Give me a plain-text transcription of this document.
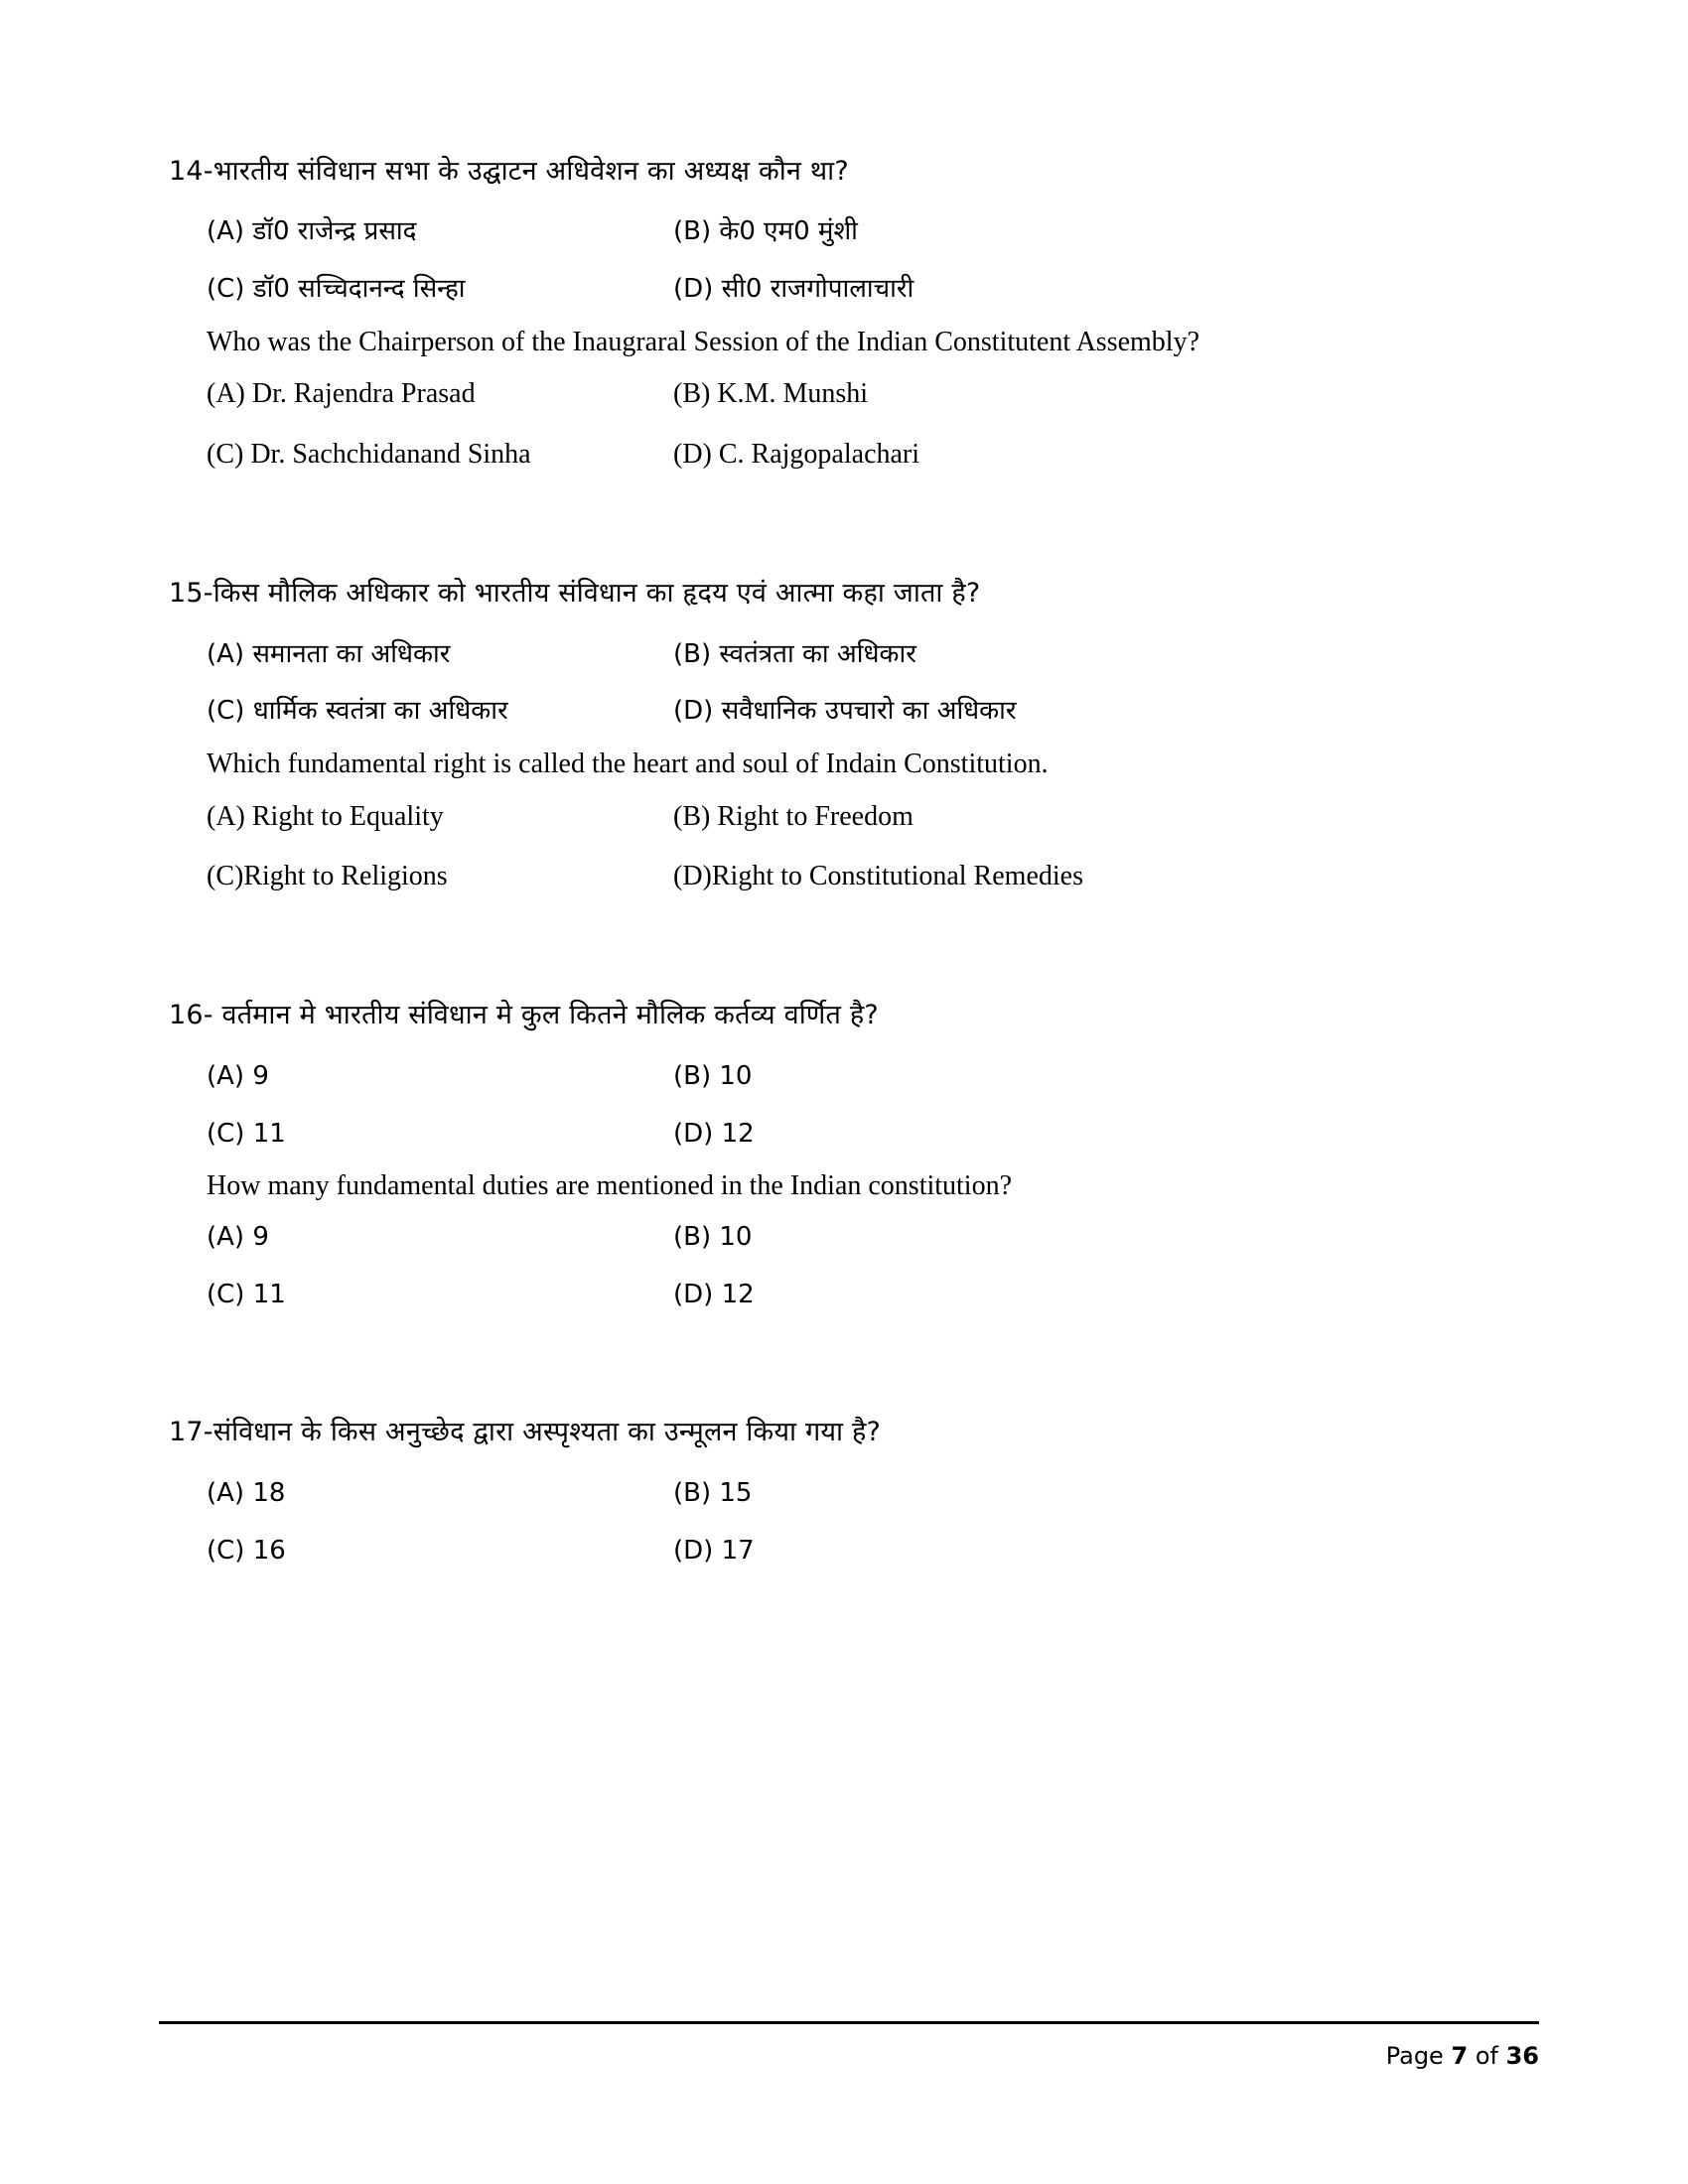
14-भारतीय संविधान सभा के उद्घाटन अधिवेशन का अध्यक्ष कौन था?
(A) डॉ0 राजेन्द्र प्रसाद	(B) के0 एम0 मुंशी
(C) डॉ0 सच्चिदानन्द सिन्हा	(D) सी0 राजगोपालाचारी
Who was the Chairperson of the Inaugraral Session of the Indian Constitutent Assembly?
(A) Dr. Rajendra Prasad	(B) K.M. Munshi
(C) Dr. Sachchidanand Sinha	(D) C. Rajgopalachari
15-किस मौलिक अधिकार को भारतीय संविधान का हृदय एवं आत्मा कहा जाता है?
(A) समानता का अधिकार	(B) स्वतंत्रता का अधिकार
(C) धार्मिक स्वतंत्रा का अधिकार	(D) सवैधानिक उपचारो का अधिकार
Which fundamental right is called the heart and soul of Indain Constitution.
(A) Right to Equality	(B) Right to Freedom
(C)Right to Religions	(D)Right to Constitutional Remedies
16- वर्तमान मे भारतीय संविधान मे कुल कितने मौलिक कर्तव्य वर्णित है?
(A) 9	(B) 10
(C) 11	(D) 12
How many fundamental duties are mentioned in the Indian constitution?
(A) 9	(B) 10
(C) 11	(D) 12
17-संविधान के किस अनुच्छेद द्वारा अस्पृश्यता का उन्मूलन किया गया है?
(A) 18	(B) 15
(C) 16	(D) 17
Page 7 of 36
